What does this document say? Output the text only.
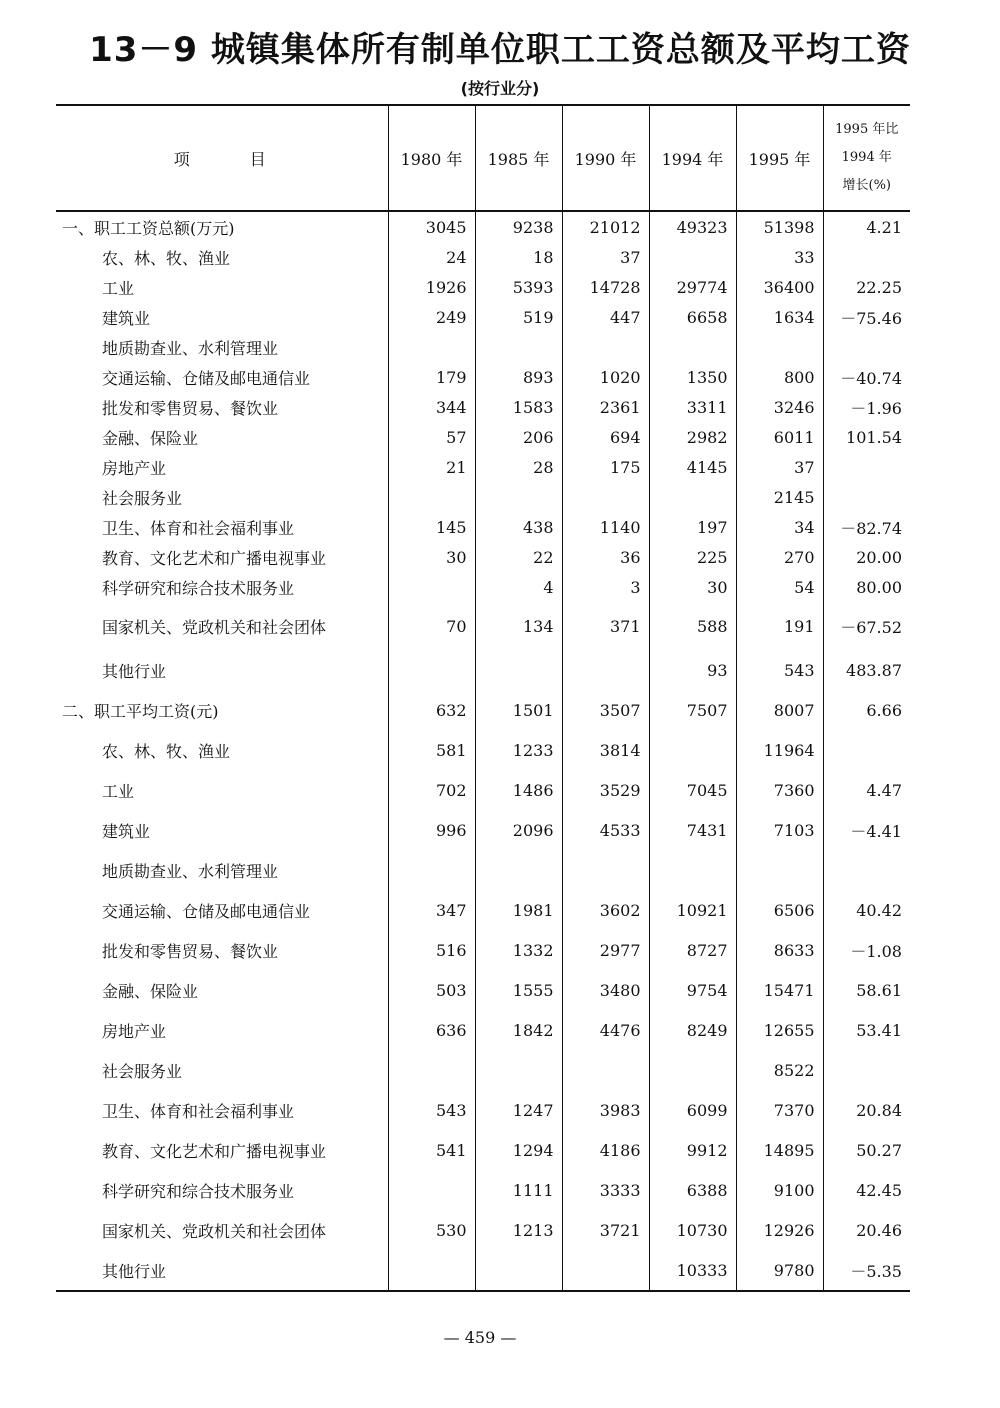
13－9 城镇集体所有制单位职工工资总额及平均工资
(按行业分)
项目	1980 年	1985 年	1990 年	1994 年	1995 年	1995 年比
1994 年
增长(%)

一、职工工资总额(万元)	3045	9238	21012	49323	51398	4.21
农、林、牧、渔业	24	18	37		33	
工业	1926	5393	14728	29774	36400	22.25
建筑业	249	519	447	6658	1634	－75.46
地质勘查业、水利管理业						
交通运输、仓储及邮电通信业	179	893	1020	1350	800	－40.74
批发和零售贸易、餐饮业	344	1583	2361	3311	3246	－1.96
金融、保险业	57	206	694	2982	6011	101.54
房地产业	21	28	175	4145	37	
社会服务业					2145	
卫生、体育和社会福利事业	145	438	1140	197	34	－82.74
教育、文化艺术和广播电视事业	30	22	36	225	270	20.00
科学研究和综合技术服务业		4	3	30	54	80.00
国家机关、党政机关和社会团体	70	134	371	588	191	－67.52
其他行业				93	543	483.87
二、职工平均工资(元)	632	1501	3507	7507	8007	6.66
农、林、牧、渔业	581	1233	3814		11964	
工业	702	1486	3529	7045	7360	4.47
建筑业	996	2096	4533	7431	7103	－4.41
地质勘查业、水利管理业						
交通运输、仓储及邮电通信业	347	1981	3602	10921	6506	40.42
批发和零售贸易、餐饮业	516	1332	2977	8727	8633	－1.08
金融、保险业	503	1555	3480	9754	15471	58.61
房地产业	636	1842	4476	8249	12655	53.41
社会服务业					8522	
卫生、体育和社会福利事业	543	1247	3983	6099	7370	20.84
教育、文化艺术和广播电视事业	541	1294	4186	9912	14895	50.27
科学研究和综合技术服务业		1111	3333	6388	9100	42.45
国家机关、党政机关和社会团体	530	1213	3721	10730	12926	20.46
其他行业				10333	9780	－5.35
— 459 —
